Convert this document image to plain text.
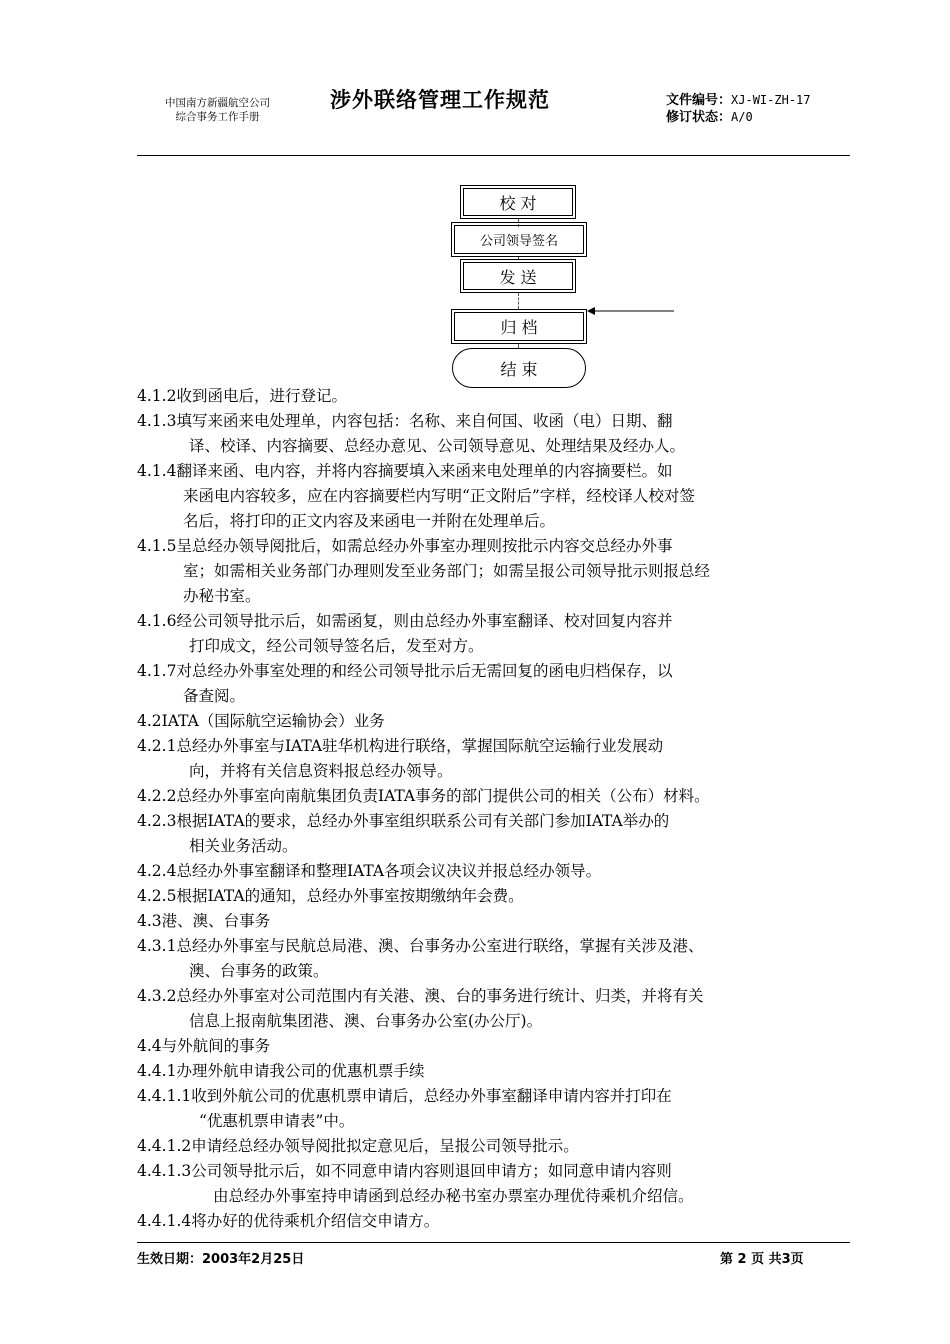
中国南方新疆航空公司
综合事务工作手册
涉外联络管理工作规范	文件编号：XJ-WI-ZH-17
修订状态：A/0
校 对
公司领导签名
发 送
归 档
结 束
4.1.2收到函电后，进行登记。
4.1.3填写来函来电处理单，内容包括：名称、来自何国、收函（电）日期、翻
译、校译、内容摘要、总经办意见、公司领导意见、处理结果及经办人。
4.1.4翻译来函、电内容，并将内容摘要填入来函来电处理单的内容摘要栏。如
来函电内容较多，应在内容摘要栏内写明“正文附后”字样，经校译人校对签
名后，将打印的正文内容及来函电一并附在处理单后。
4.1.5呈总经办领导阅批后，如需总经办外事室办理则按批示内容交总经办外事
室；如需相关业务部门办理则发至业务部门；如需呈报公司领导批示则报总经
办秘书室。
4.1.6经公司领导批示后，如需函复，则由总经办外事室翻译、校对回复内容并
打印成文，经公司领导签名后，发至对方。
4.1.7对总经办外事室处理的和经公司领导批示后无需回复的函电归档保存，以
备查阅。
4.2IATA（国际航空运输协会）业务
4.2.1总经办外事室与IATA驻华机构进行联络，掌握国际航空运输行业发展动
向，并将有关信息资料报总经办领导。
4.2.2总经办外事室向南航集团负责IATA事务的部门提供公司的相关（公布）材料。
4.2.3根据IATA的要求，总经办外事室组织联系公司有关部门参加IATA举办的
相关业务活动。
4.2.4总经办外事室翻译和整理IATA各项会议决议并报总经办领导。
4.2.5根据IATA的通知，总经办外事室按期缴纳年会费。
4.3港、澳、台事务
4.3.1总经办外事室与民航总局港、澳、台事务办公室进行联络，掌握有关涉及港、
澳、台事务的政策。
4.3.2总经办外事室对公司范围内有关港、澳、台的事务进行统计、归类，并将有关
信息上报南航集团港、澳、台事务办公室(办公厅)。
4.4与外航间的事务
4.4.1办理外航申请我公司的优惠机票手续
4.4.1.1收到外航公司的优惠机票申请后，总经办外事室翻译申请内容并打印在
“优惠机票申请表”中。
4.4.1.2申请经总经办领导阅批拟定意见后，呈报公司领导批示。
4.4.1.3公司领导批示后，如不同意申请内容则退回申请方；如同意申请内容则
由总经办外事室持申请函到总经办秘书室办票室办理优待乘机介绍信。
4.4.1.4将办好的优待乘机介绍信交申请方。
生效日期：2003年2月25日	第 2 页 共3页
